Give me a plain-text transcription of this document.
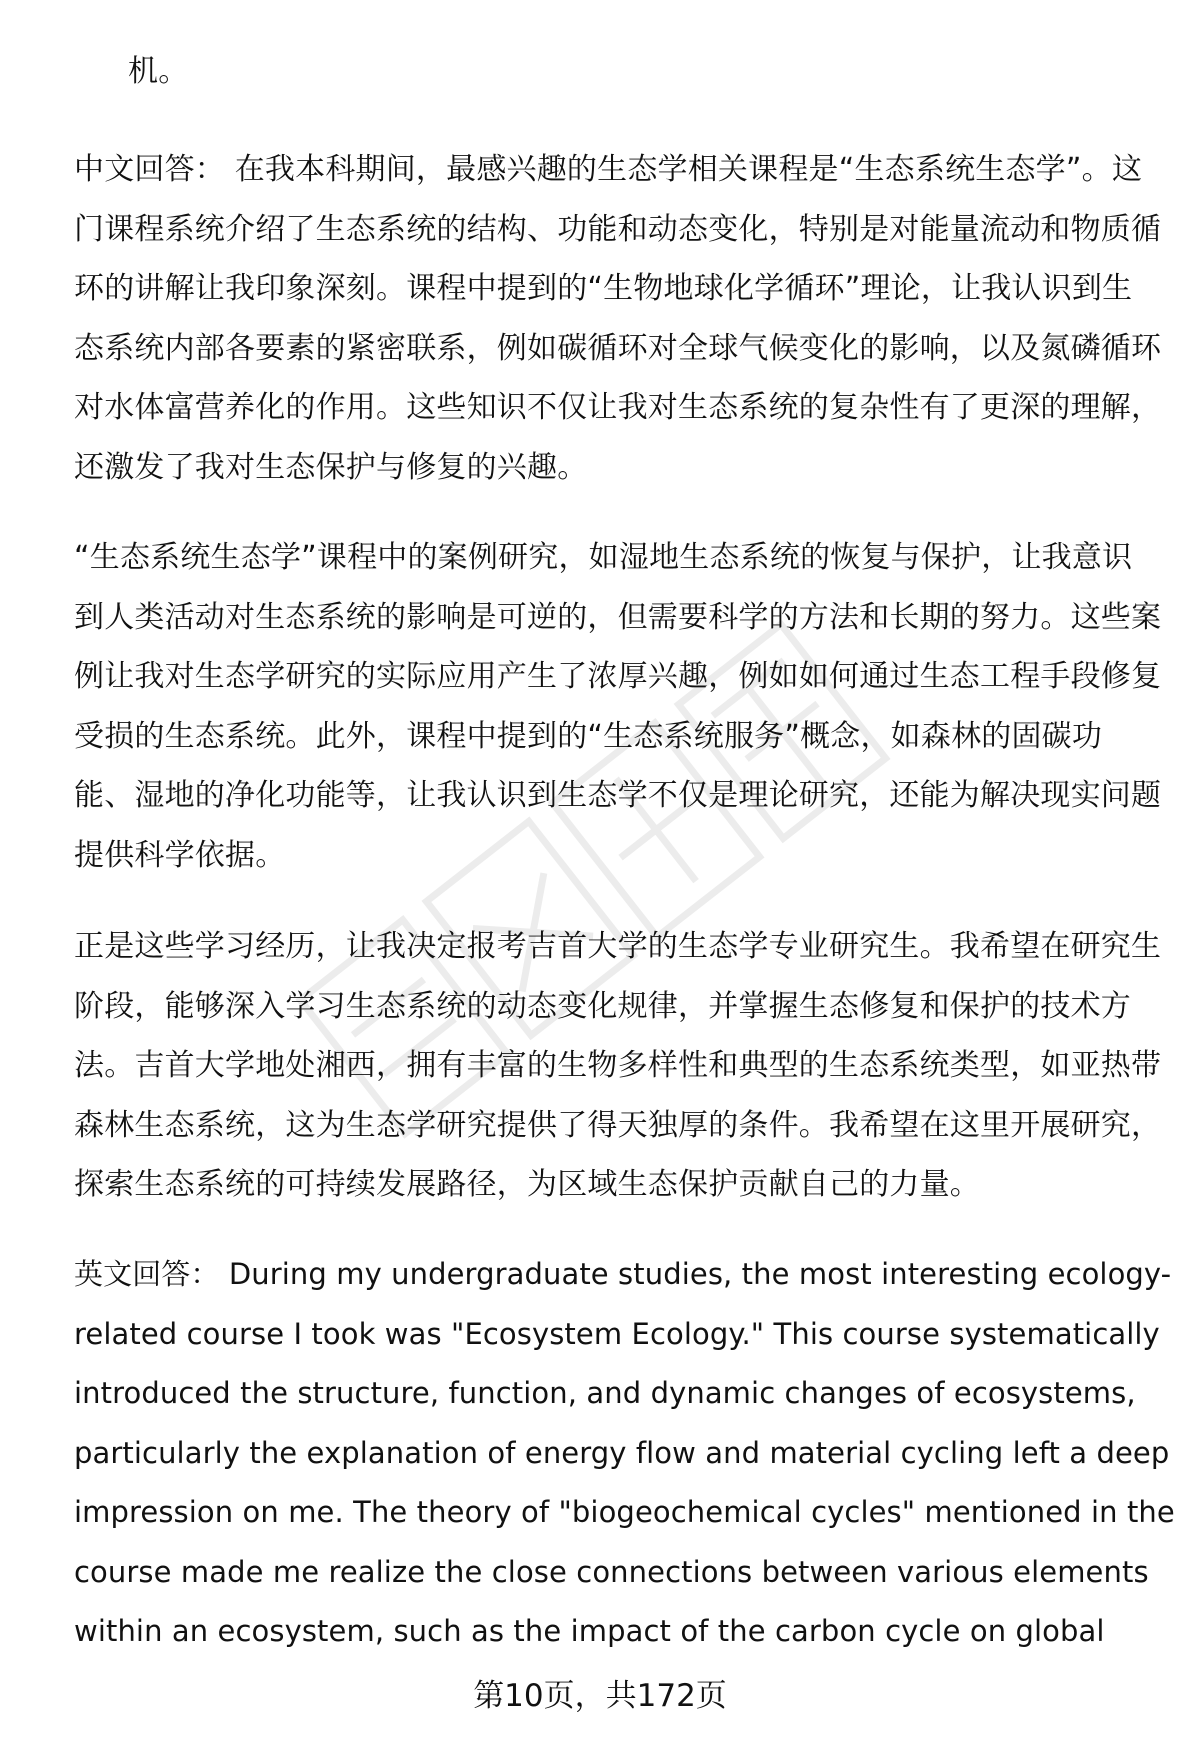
机。
中文回答： 在我本科期间，最感兴趣的生态学相关课程是“生态系统生态学”。这
门课程系统介绍了生态系统的结构、功能和动态变化，特别是对能量流动和物质循
环的讲解让我印象深刻。课程中提到的“生物地球化学循环”理论，让我认识到生
态系统内部各要素的紧密联系，例如碳循环对全球气候变化的影响，以及氮磷循环
对水体富营养化的作用。这些知识不仅让我对生态系统的复杂性有了更深的理解，
还激发了我对生态保护与修复的兴趣。
“生态系统生态学”课程中的案例研究，如湿地生态系统的恢复与保护，让我意识
到人类活动对生态系统的影响是可逆的，但需要科学的方法和长期的努力。这些案
例让我对生态学研究的实际应用产生了浓厚兴趣，例如如何通过生态工程手段修复
受损的生态系统。此外，课程中提到的“生态系统服务”概念，如森林的固碳功
能、湿地的净化功能等，让我认识到生态学不仅是理论研究，还能为解决现实问题
提供科学依据。
正是这些学习经历，让我决定报考吉首大学的生态学专业研究生。我希望在研究生
阶段，能够深入学习生态系统的动态变化规律，并掌握生态修复和保护的技术方
法。吉首大学地处湘西，拥有丰富的生物多样性和典型的生态系统类型，如亚热带
森林生态系统，这为生态学研究提供了得天独厚的条件。我希望在这里开展研究，
探索生态系统的可持续发展路径，为区域生态保护贡献自己的力量。
英文回答： During my undergraduate studies, the most interesting ecology-
related course I took was "Ecosystem Ecology." This course systematically
introduced the structure, function, and dynamic changes of ecosystems,
particularly the explanation of energy flow and material cycling left a deep
impression on me. The theory of "biogeochemical cycles" mentioned in the
course made me realize the close connections between various elements
within an ecosystem, such as the impact of the carbon cycle on global
第10页，共172页
